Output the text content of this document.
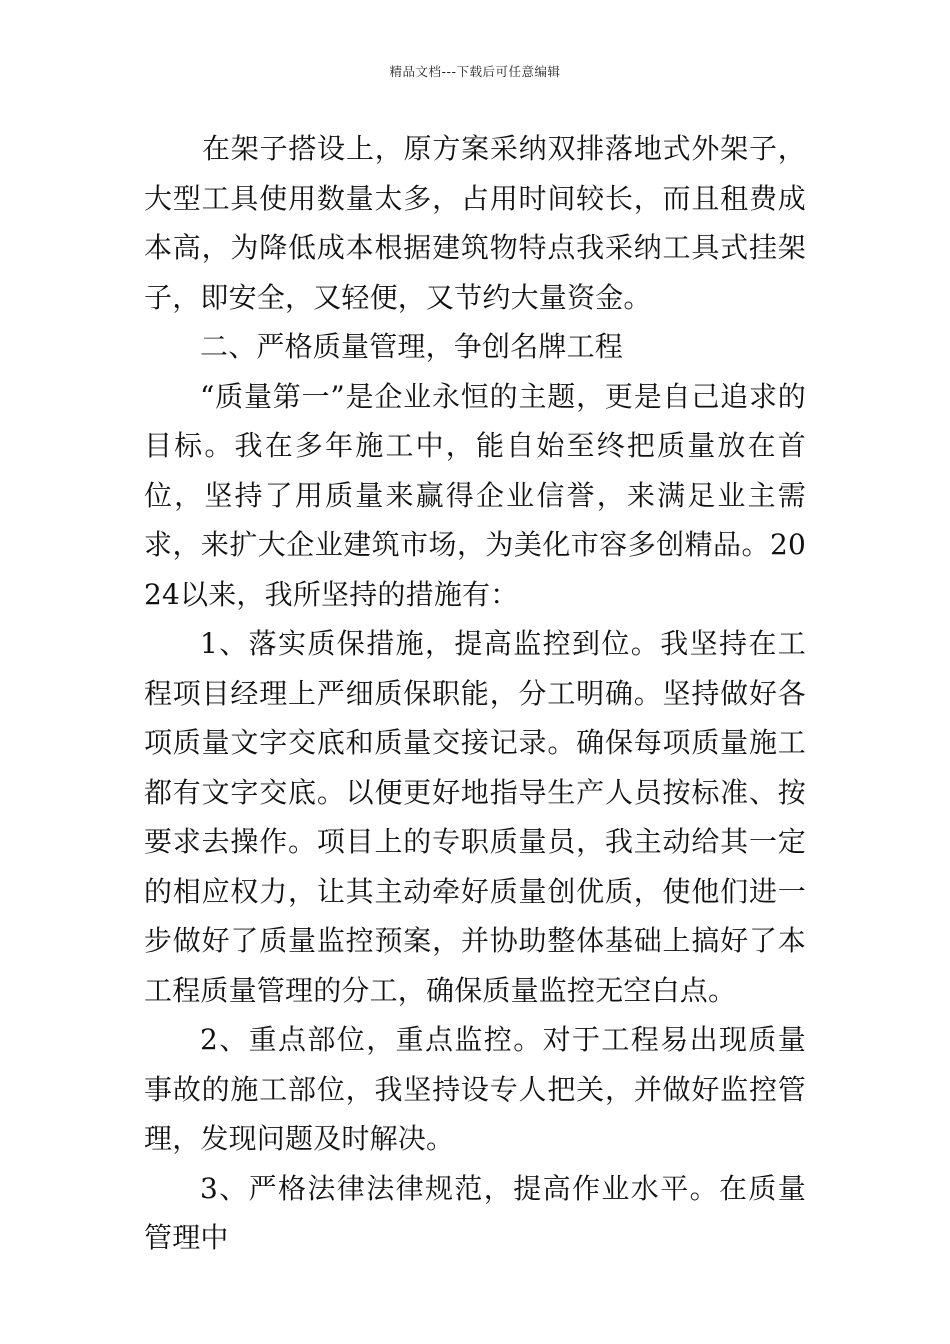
精品文档---下载后可任意编辑

在架子搭设上，原方案采纳双排落地式外架子，大型工具使用数量太多，占用时间较长，而且租费成本高，为降低成本根据建筑物特点我采纳工具式挂架子，即安全，又轻便，又节约大量资金。

二、严格质量管理，争创名牌工程

“质量第一”是企业永恒的主题，更是自己追求的目标。我在多年施工中，能自始至终把质量放在首位，坚持了用质量来赢得企业信誉，来满足业主需求，来扩大企业建筑市场，为美化市容多创精品。2024以来，我所坚持的措施有：

1、落实质保措施，提高监控到位。我坚持在工程项目经理上严细质保职能，分工明确。坚持做好各项质量文字交底和质量交接记录。确保每项质量施工都有文字交底。以便更好地指导生产人员按标准、按要求去操作。项目上的专职质量员，我主动给其一定的相应权力，让其主动牵好质量创优质，使他们进一步做好了质量监控预案，并协助整体基础上搞好了本工程质量管理的分工，确保质量监控无空白点。

2、重点部位，重点监控。对于工程易出现质量事故的施工部位，我坚持设专人把关，并做好监控管理，发现问题及时解决。

3、严格法律法律规范，提高作业水平。在质量管理中
